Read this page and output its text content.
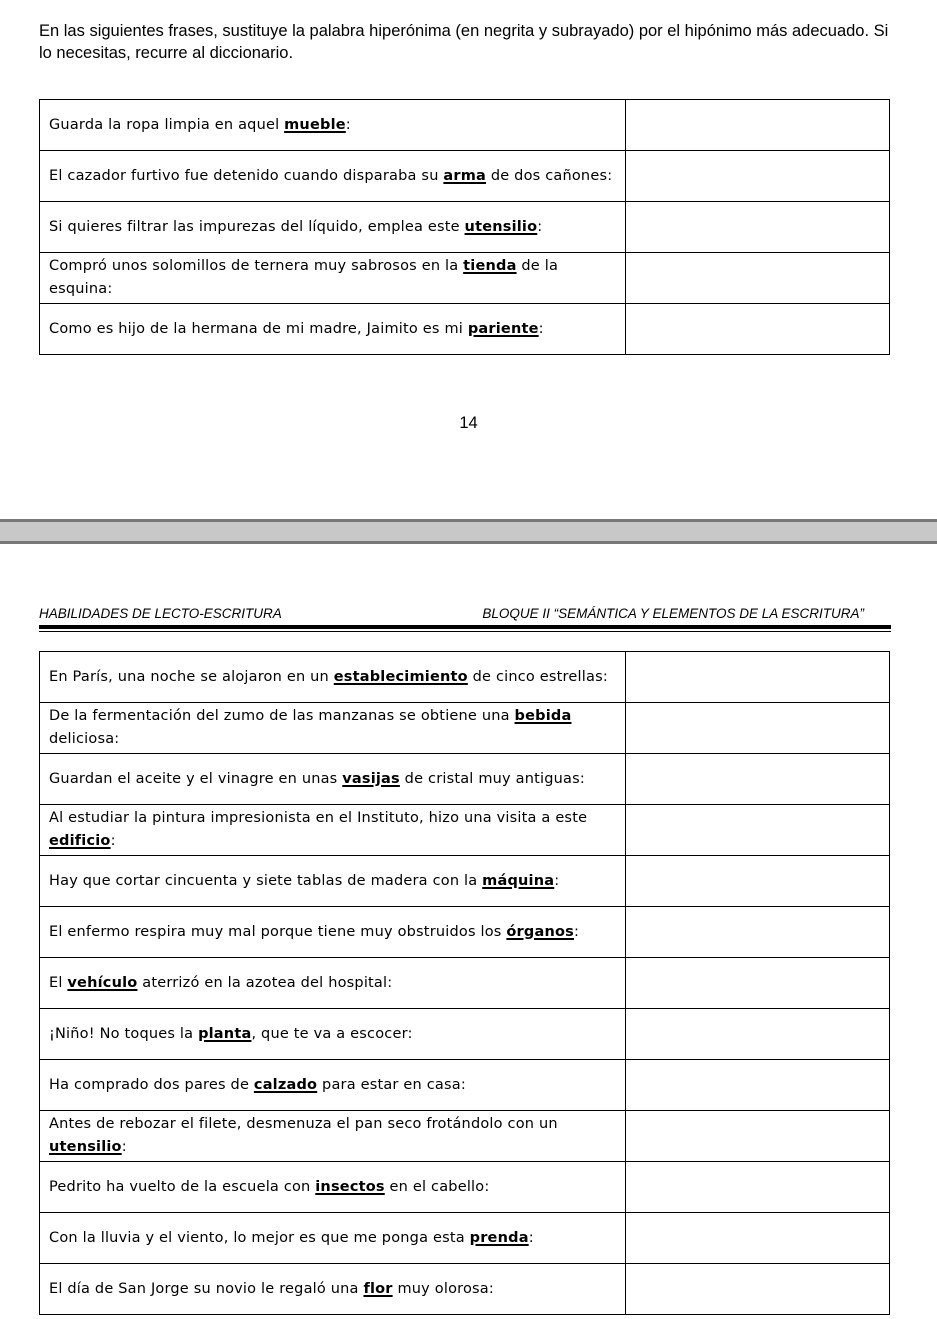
En las siguientes frases, sustituye la palabra hiperónima (en negrita y subrayado) por el hipónimo más adecuado. Si lo necesitas, recurre al diccionario.
Guarda la ropa limpia en aquel mueble:	
El cazador furtivo fue detenido cuando disparaba su arma de dos cañones:	
Si quieres filtrar las impurezas del líquido, emplea este utensilio:	
Compró unos solomillos de ternera muy sabrosos en la tienda de la esquina:	
Como es hijo de la hermana de mi madre, Jaimito es mi pariente:	
14
HABILIDADES DE LECTO-ESCRITURA	BLOQUE II “SEMÁNTICA Y ELEMENTOS DE LA ESCRITURA”
En París, una noche se alojaron en un establecimiento de cinco estrellas:	
De la fermentación del zumo de las manzanas se obtiene una bebida deliciosa:	
Guardan el aceite y el vinagre en unas vasijas de cristal muy antiguas:	
Al estudiar la pintura impresionista en el Instituto, hizo una visita a este edificio:	
Hay que cortar cincuenta y siete tablas de madera con la máquina:	
El enfermo respira muy mal porque tiene muy obstruidos los órganos:	
El vehículo aterrizó en la azotea del hospital:	
¡Niño! No toques la planta, que te va a escocer:	
Ha comprado dos pares de calzado para estar en casa:	
Antes de rebozar el filete, desmenuza el pan seco frotándolo con un utensilio:	
Pedrito ha vuelto de la escuela con insectos en el cabello:	
Con la lluvia y el viento, lo mejor es que me ponga esta prenda:	
El día de San Jorge su novio le regaló una flor muy olorosa:	
